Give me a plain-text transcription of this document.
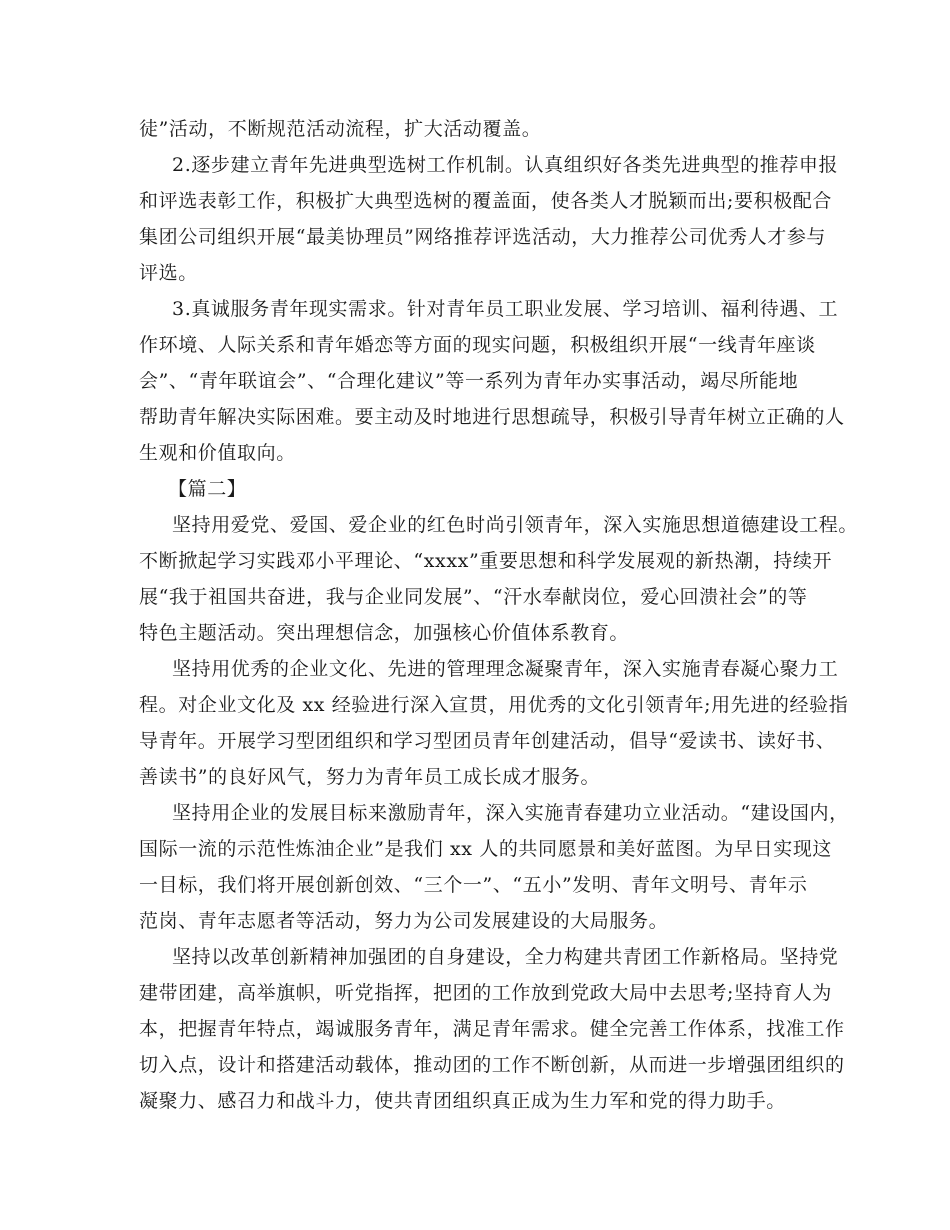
徒”活动，不断规范活动流程，扩大活动覆盖。
2.逐步建立青年先进典型选树工作机制。认真组织好各类先进典型的推荐申报
和评选表彰工作，积极扩大典型选树的覆盖面，使各类人才脱颖而出;要积极配合
集团公司组织开展“最美协理员”网络推荐评选活动，大力推荐公司优秀人才参与
评选。
3.真诚服务青年现实需求。针对青年员工职业发展、学习培训、福利待遇、工
作环境、人际关系和青年婚恋等方面的现实问题，积极组织开展“一线青年座谈
会”、“青年联谊会”、“合理化建议”等一系列为青年办实事活动，竭尽所能地
帮助青年解决实际困难。要主动及时地进行思想疏导，积极引导青年树立正确的人
生观和价值取向。
【篇二】
坚持用爱党、爱国、爱企业的红色时尚引领青年，深入实施思想道德建设工程。
不断掀起学习实践邓小平理论、“xxxx”重要思想和科学发展观的新热潮，持续开
展“我于祖国共奋进，我与企业同发展”、“汗水奉献岗位，爱心回溃社会”的等
特色主题活动。突出理想信念，加强核心价值体系教育。
坚持用优秀的企业文化、先进的管理理念凝聚青年，深入实施青春凝心聚力工
程。对企业文化及 xx 经验进行深入宣贯，用优秀的文化引领青年;用先进的经验指
导青年。开展学习型团组织和学习型团员青年创建活动，倡导“爱读书、读好书、
善读书”的良好风气，努力为青年员工成长成才服务。
坚持用企业的发展目标来激励青年，深入实施青春建功立业活动。“建设国内，
国际一流的示范性炼油企业”是我们 xx 人的共同愿景和美好蓝图。为早日实现这
一目标，我们将开展创新创效、“三个一”、“五小”发明、青年文明号、青年示
范岗、青年志愿者等活动，努力为公司发展建设的大局服务。
坚持以改革创新精神加强团的自身建设，全力构建共青团工作新格局。坚持党
建带团建，高举旗帜，听党指挥，把团的工作放到党政大局中去思考;坚持育人为
本，把握青年特点，竭诚服务青年，满足青年需求。健全完善工作体系，找准工作
切入点，设计和搭建活动载体，推动团的工作不断创新，从而进一步增强团组织的
凝聚力、感召力和战斗力，使共青团组织真正成为生力军和党的得力助手。
